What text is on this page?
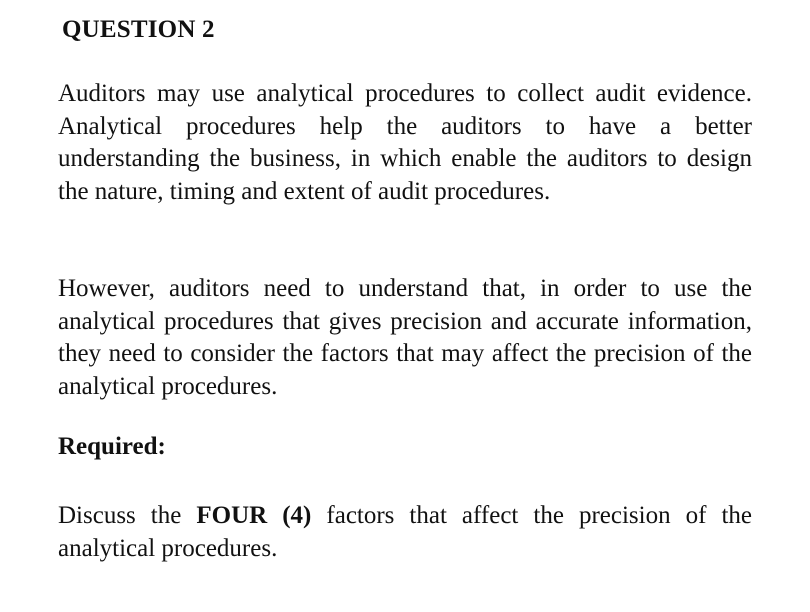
QUESTION 2

Auditors may use analytical procedures to collect audit evidence. Analytical procedures help the auditors to have a better understanding the business, in which enable the auditors to design the nature, timing and extent of audit procedures.

However, auditors need to understand that, in order to use the analytical procedures that gives precision and accurate information, they need to consider the factors that may affect the precision of the analytical procedures.

Required:

Discuss the FOUR (4) factors that affect the precision of the analytical procedures.
